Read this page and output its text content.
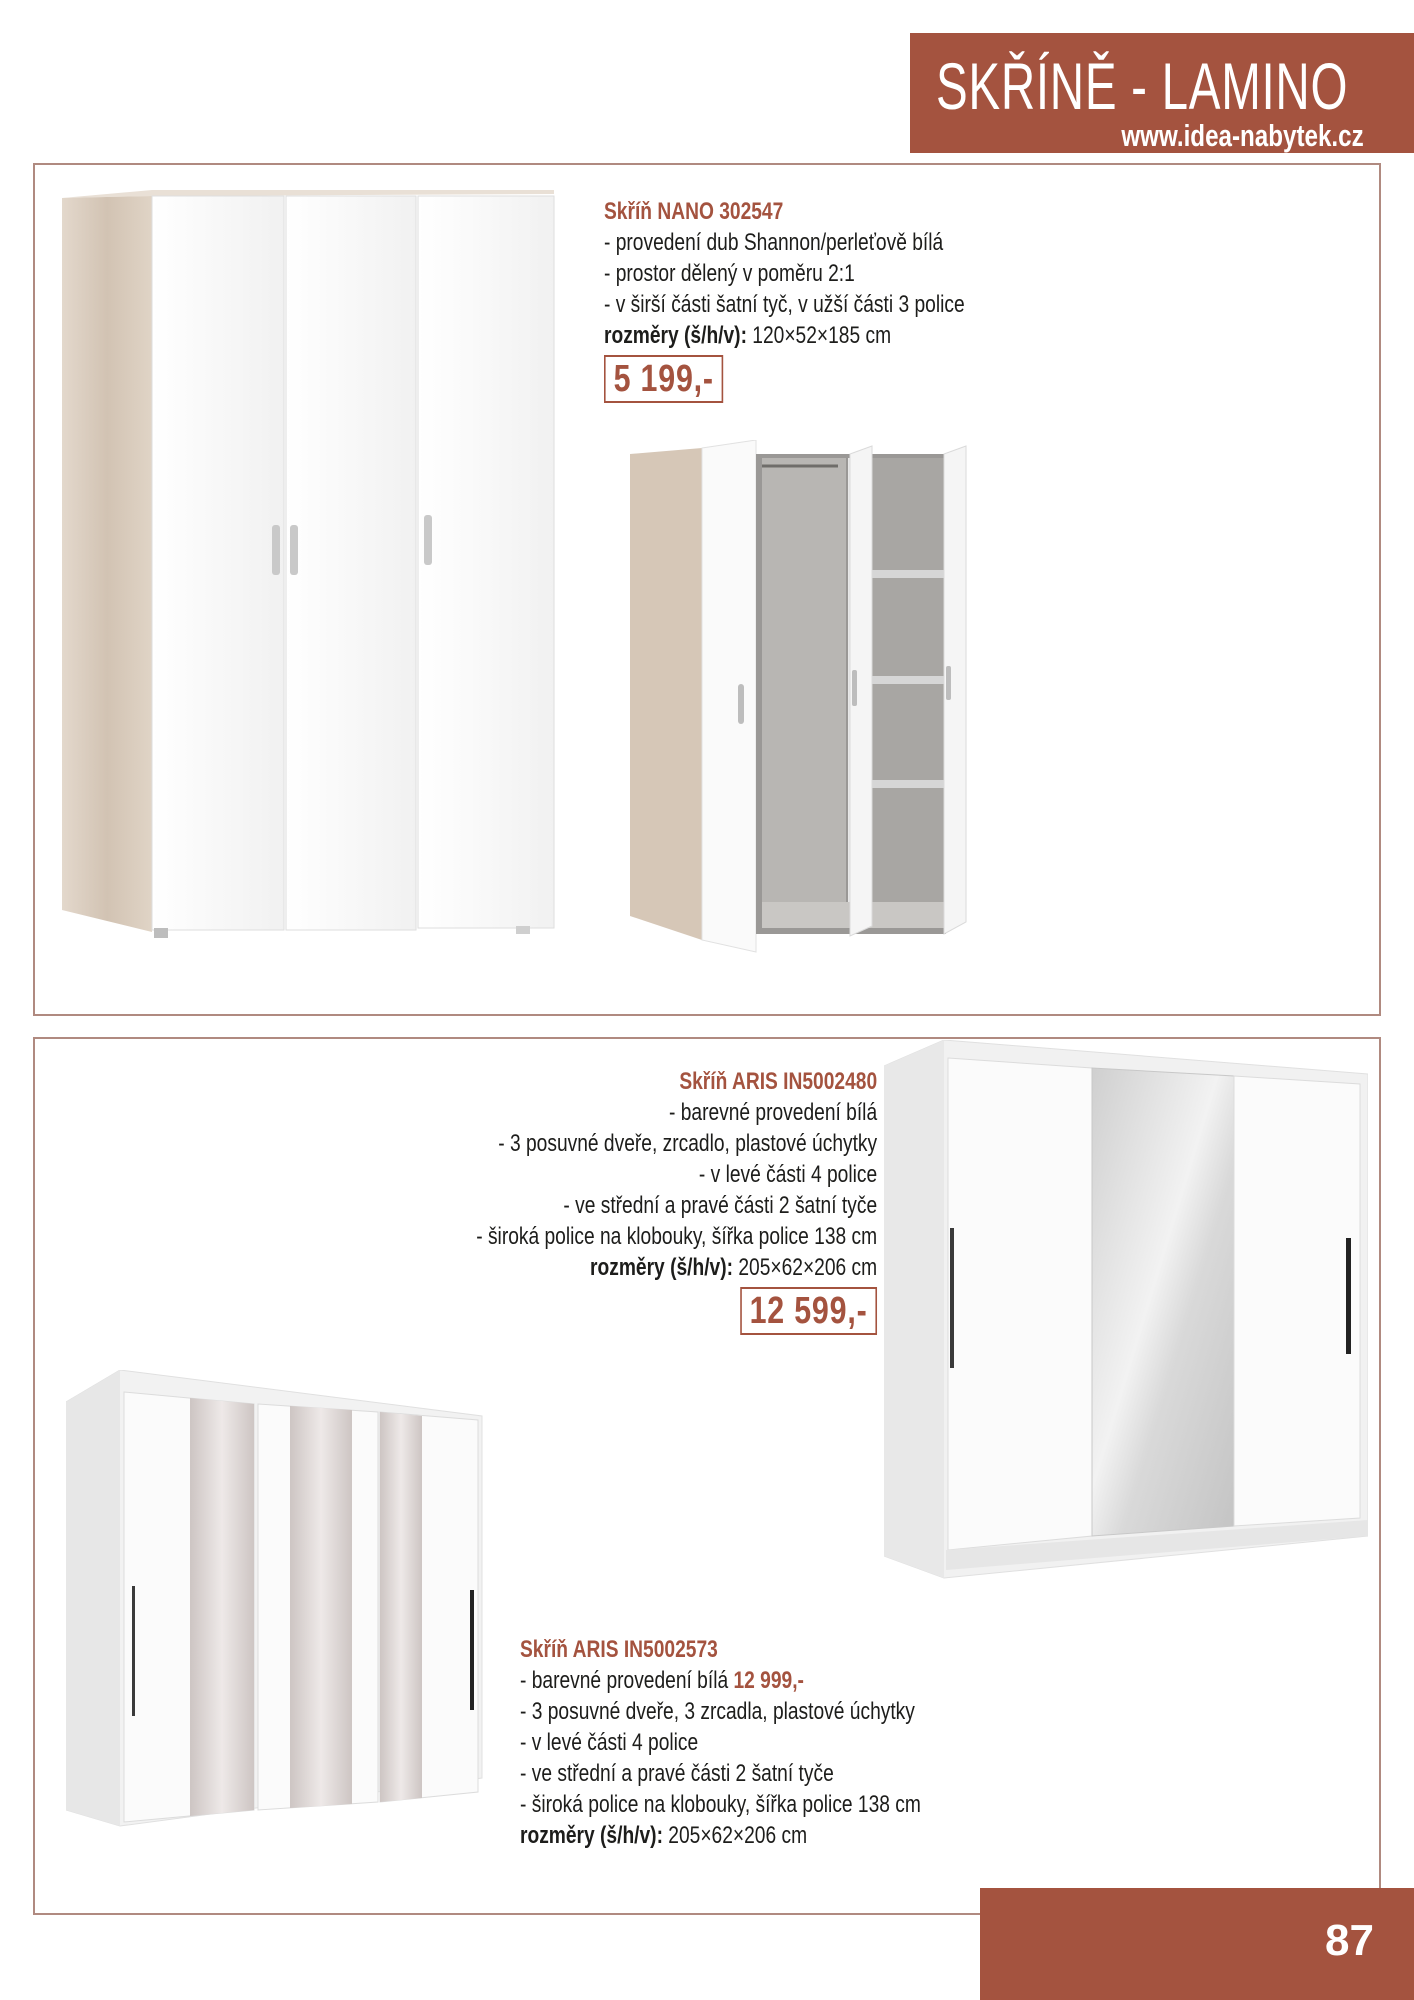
SKŘÍNĚ - LAMINO
www.idea-nabytek.cz
Skříň NANO 302547
- provedení dub Shannon/perleťově bílá
- prostor dělený v poměru 2:1
- v širší části šatní tyč, v užší části 3 police
rozměry (š/h/v): 120×52×185 cm
5 199,-
Skříň ARIS IN5002480
- barevné provedení bílá
- 3 posuvné dveře, zrcadlo, plastové úchytky
- v levé části 4 police
- ve střední a pravé části 2 šatní tyče
- široká police na klobouky, šířka police 138 cm
rozměry (š/h/v): 205×62×206 cm
12 599,-
Skříň ARIS IN5002573
- barevné provedení bílá 12 999,-
- 3 posuvné dveře, 3 zrcadla, plastové úchytky
- v levé části 4 police
- ve střední a pravé části 2 šatní tyče
- široká police na klobouky, šířka police 138 cm
rozměry (š/h/v): 205×62×206 cm
87
